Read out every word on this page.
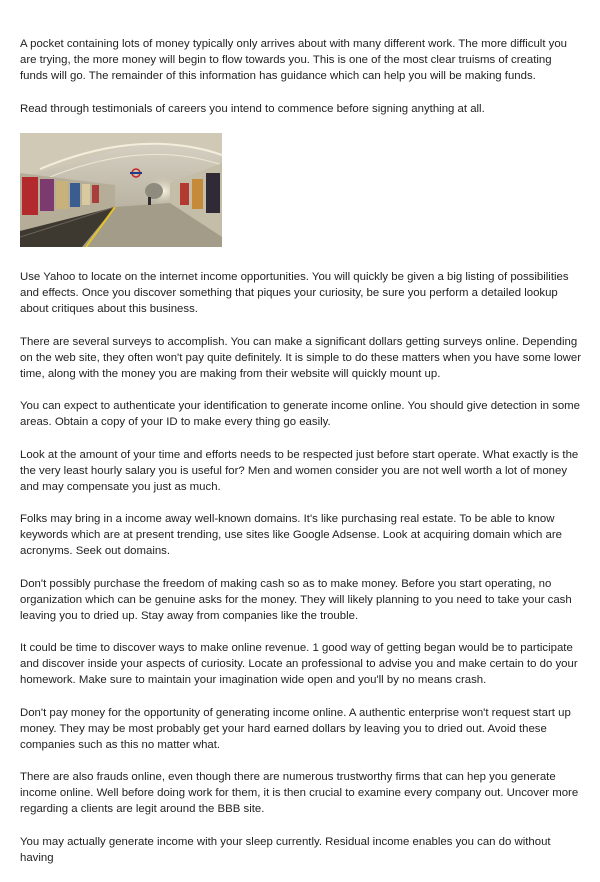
A pocket containing lots of money typically only arrives about with many different work. The more difficult you are trying, the more money will begin to flow towards you. This is one of the most clear truisms of creating funds will go. The remainder of this information has guidance which can help you will be making funds.

Read through testimonials of careers you intend to commence before signing anything at all.

Use Yahoo to locate on the internet income opportunities. You will quickly be given a big listing of possibilities and effects. Once you discover something that piques your curiosity, be sure you perform a detailed lookup about critiques about this business.

There are several surveys to accomplish. You can make a significant dollars getting surveys online. Depending on the web site, they often won't pay quite definitely. It is simple to do these matters when you have some lower time, along with the money you are making from their website will quickly mount up.

You can expect to authenticate your identification to generate income online. You should give detection in some areas. Obtain a copy of your ID to make every thing go easily.

Look at the amount of your time and efforts needs to be respected just before start operate. What exactly is the the very least hourly salary you is useful for? Men and women consider you are not well worth a lot of money and may compensate you just as much.

Folks may bring in a income away well-known domains. It's like purchasing real estate. To be able to know keywords which are at present trending, use sites like Google Adsense. Look at acquiring domain which are acronyms. Seek out domains.

Don't possibly purchase the freedom of making cash so as to make money. Before you start operating, no organization which can be genuine asks for the money. They will likely planning to you need to take your cash leaving you to dried up. Stay away from companies like the trouble.

It could be time to discover ways to make online revenue. 1 good way of getting began would be to participate and discover inside your aspects of curiosity. Locate an professional to advise you and make certain to do your homework. Make sure to maintain your imagination wide open and you'll by no means crash.

Don't pay money for the opportunity of generating income online. A authentic enterprise won't request start up money. They may be most probably get your hard earned dollars by leaving you to dried out. Avoid these companies such as this no matter what.

There are also frauds online, even though there are numerous trustworthy firms that can hep you generate income online. Well before doing work for them, it is then crucial to examine every company out. Uncover more regarding a clients are legit around the BBB site.

You may actually generate income with your sleep currently. Residual income enables you can do without having
